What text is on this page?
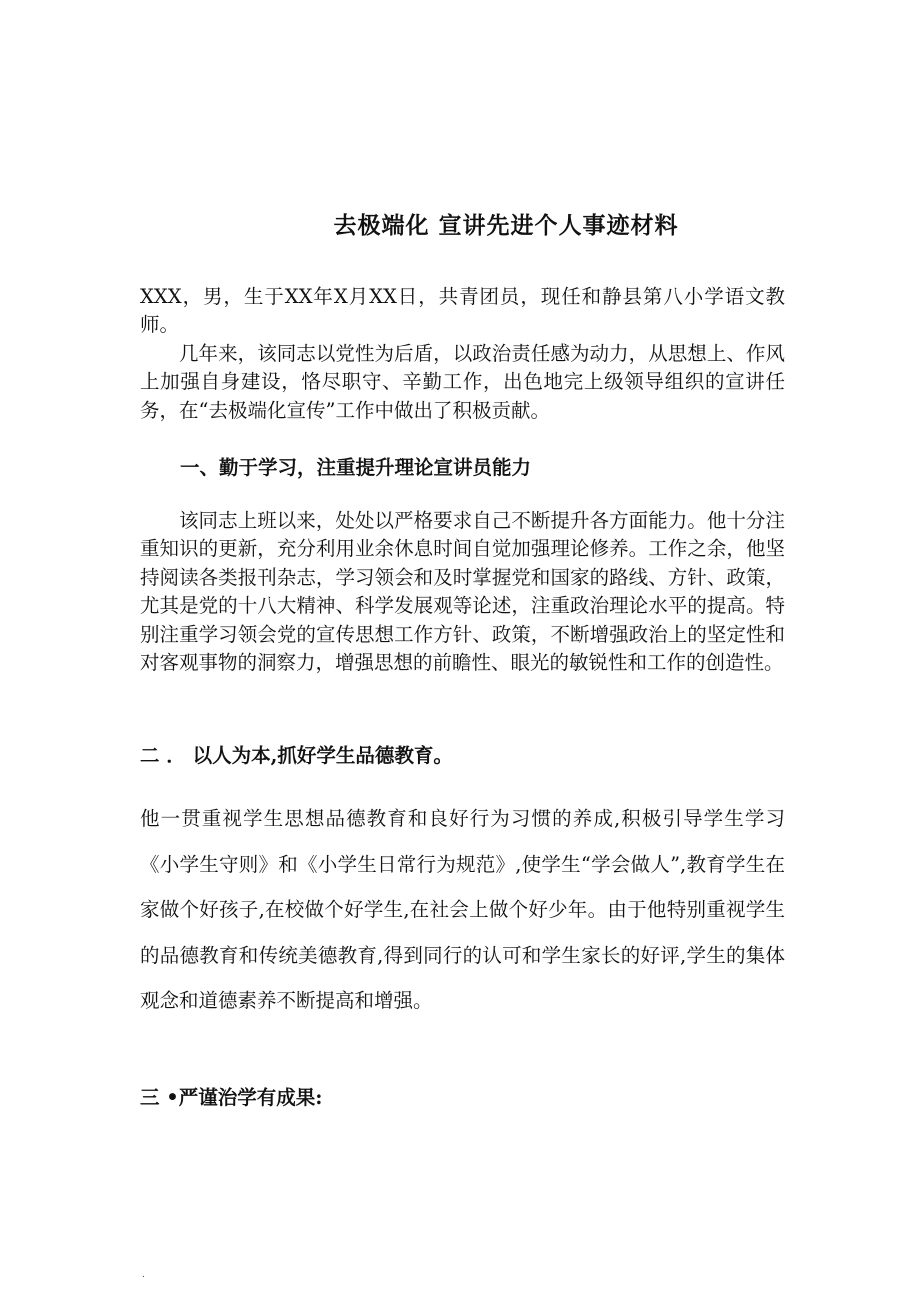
去极端化 宣讲先进个人事迹材料

XXX，男，生于XX年X月XX日，共青团员，现任和静县第八小学语文教师。

几年来，该同志以党性为后盾，以政治责任感为动力，从思想上、作风上加强自身建设，恪尽职守、辛勤工作，出色地完上级领导组织的宣讲任务，在“去极端化宣传”工作中做出了积极贡献。

一、勤于学习，注重提升理论宣讲员能力

该同志上班以来，处处以严格要求自己不断提升各方面能力。他十分注重知识的更新，充分利用业余休息时间自觉加强理论修养。工作之余，他坚持阅读各类报刊杂志，学习领会和及时掌握党和国家的路线、方针、政策，尤其是党的十八大精神、科学发展观等论述，注重政治理论水平的提高。特别注重学习领会党的宣传思想工作方针、政策，不断增强政治上的坚定性和对客观事物的洞察力，增强思想的前瞻性、眼光的敏锐性和工作的创造性。

二 ． 以人为本,抓好学生品德教育。

他一贯重视学生思想品德教育和良好行为习惯的养成,积极引导学生学习《小学生守则》和《小学生日常行为规范》,使学生“学会做人”,教育学生在家做个好孩子,在校做个好学生,在社会上做个好少年。由于他特别重视学生的品德教育和传统美德教育,得到同行的认可和学生家长的好评,学生的集体观念和道德素养不断提高和增强。

三 •严谨治学有成果:
.
